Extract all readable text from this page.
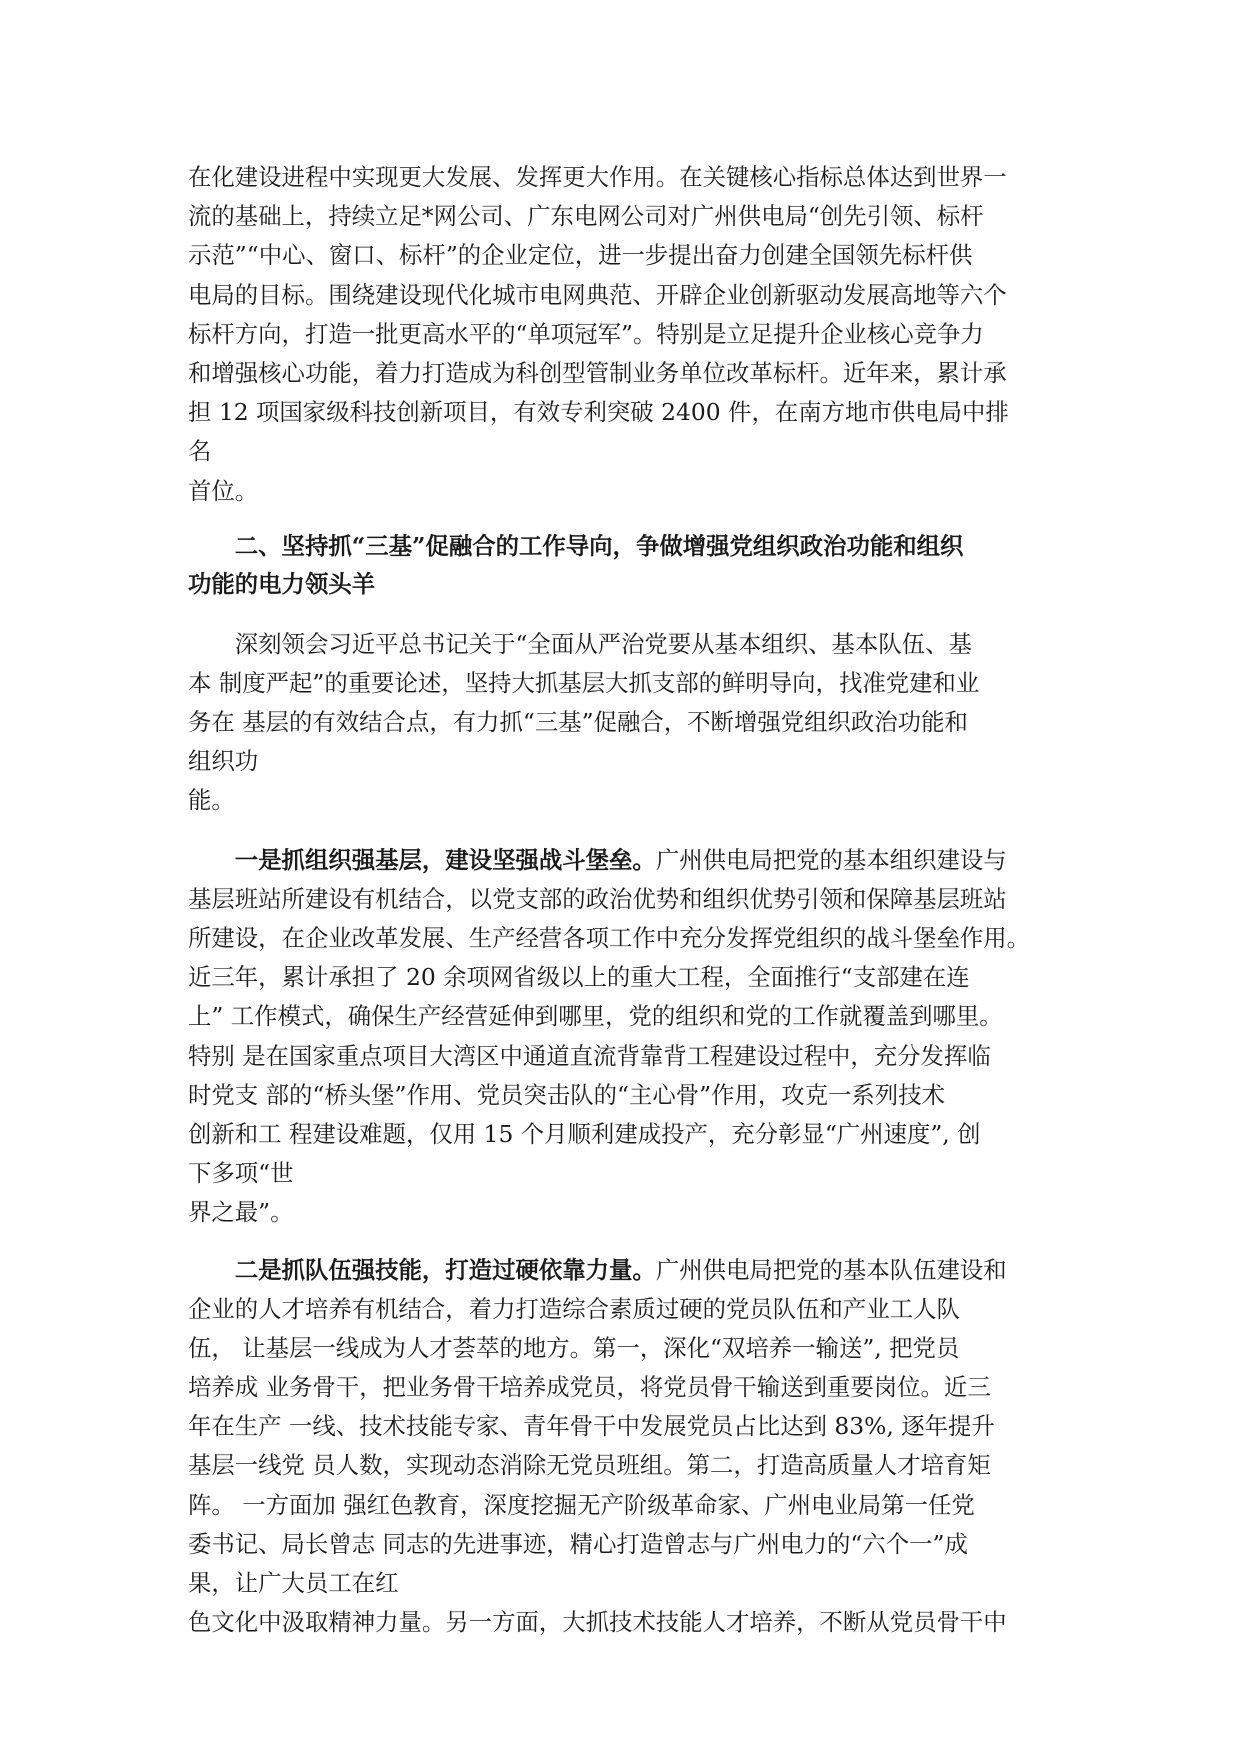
在化建设进程中实现更大发展、发挥更大作用。在关键核心指标总体达到世界一
流的基础上，持续立足*网公司、广东电网公司对广州供电局“创先引领、标杆
示范”“中心、窗口、标杆”的企业定位，进一步提出奋力创建全国领先标杆供
电局的目标。围绕建设现代化城市电网典范、开辟企业创新驱动发展高地等六个
标杆方向，打造一批更高水平的“单项冠军”。特别是立足提升企业核心竞争力
和增强核心功能，着力打造成为科创型管制业务单位改革标杆。近年来，累计承
担 12 项国家级科技创新项目，有效专利突破 2400 件，在南方地市供电局中排
名
首位。

　　二、坚持抓“三基”促融合的工作导向，争做增强党组织政治功能和组织
功能的电力领头羊

　　深刻领会习近平总书记关于“全面从严治党要从基本组织、基本队伍、基
本 制度严起”的重要论述，坚持大抓基层大抓支部的鲜明导向，找准党建和业
务在 基层的有效结合点，有力抓“三基”促融合，不断增强党组织政治功能和
组织功
能。

　　一是抓组织强基层，建设坚强战斗堡垒。广州供电局把党的基本组织建设与
基层班站所建设有机结合，以党支部的政治优势和组织优势引领和保障基层班站
所建设，在企业改革发展、生产经营各项工作中充分发挥党组织的战斗堡垒作用。
近三年，累计承担了 20 余项网省级以上的重大工程，全面推行“支部建在连
上” 工作模式，确保生产经营延伸到哪里，党的组织和党的工作就覆盖到哪里。
特别 是在国家重点项目大湾区中通道直流背靠背工程建设过程中，充分发挥临
时党支 部的“桥头堡”作用、党员突击队的“主心骨”作用，攻克一系列技术
创新和工 程建设难题，仅用 15 个月顺利建成投产，充分彰显“广州速度”, 创
下多项“世
界之最”。

　　二是抓队伍强技能，打造过硬依靠力量。广州供电局把党的基本队伍建设和
企业的人才培养有机结合，着力打造综合素质过硬的党员队伍和产业工人队
伍， 让基层一线成为人才荟萃的地方。第一，深化“双培养一输送”, 把党员
培养成 业务骨干，把业务骨干培养成党员，将党员骨干输送到重要岗位。近三
年在生产 一线、技术技能专家、青年骨干中发展党员占比达到 83%, 逐年提升
基层一线党 员人数，实现动态消除无党员班组。第二，打造高质量人才培育矩
阵。 一方面加 强红色教育，深度挖掘无产阶级革命家、广州电业局第一任党
委书记、局长曾志 同志的先进事迹，精心打造曾志与广州电力的“六个一”成
果，让广大员工在红
色文化中汲取精神力量。另一方面，大抓技术技能人才培养，不断从党员骨干中
